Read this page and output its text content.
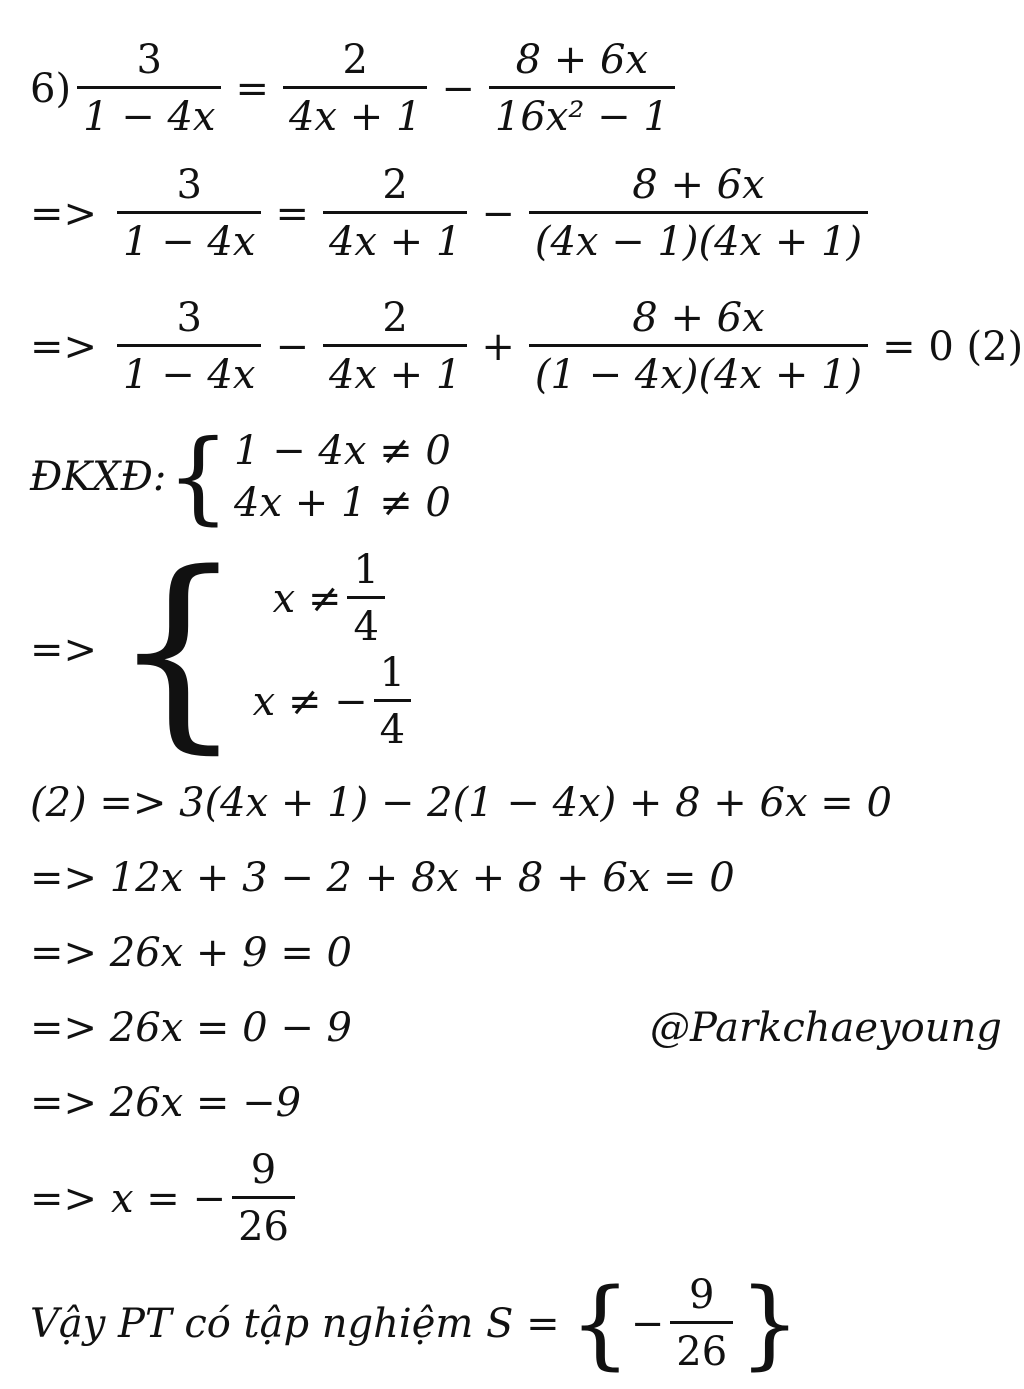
$6) \frac{3}{1 - 4x} = \frac{2}{4x + 1} - \frac{8 + 6x}{\text{16x² − 1}}$
=> $\frac{3}{1 - 4x} = \frac{2}{4x + 1} - \frac{8 + 6x}{(4x - 1)(4x + 1)}$
=> $\frac{3}{1 - 4x} - \frac{2}{4x + 1} + \frac{8 + 6x}{(1 - 4x)(4x + 1)} = 0$ (2)
ĐKXĐ: { 1 − 4x ≠ 0
4x + 1 ≠ 0
=> { $x \ne \frac{1}{4}$
x ≠ − $\frac{1}{4}$
(2) => 3(4x + 1) − 2(1 − 4x) + 8 + 6x = 0
=> 12x + 3 − 2 + 8x + 8 + 6x = 0
=> 26x + 9 = 0
=> 26x = 0 − 9
=> 26x = −9
=> x = − $\frac{9}{26}$
Vậy PT có tập nghiệm S = { − $\frac{9}{26}$ }
@Parkchaeyoung
